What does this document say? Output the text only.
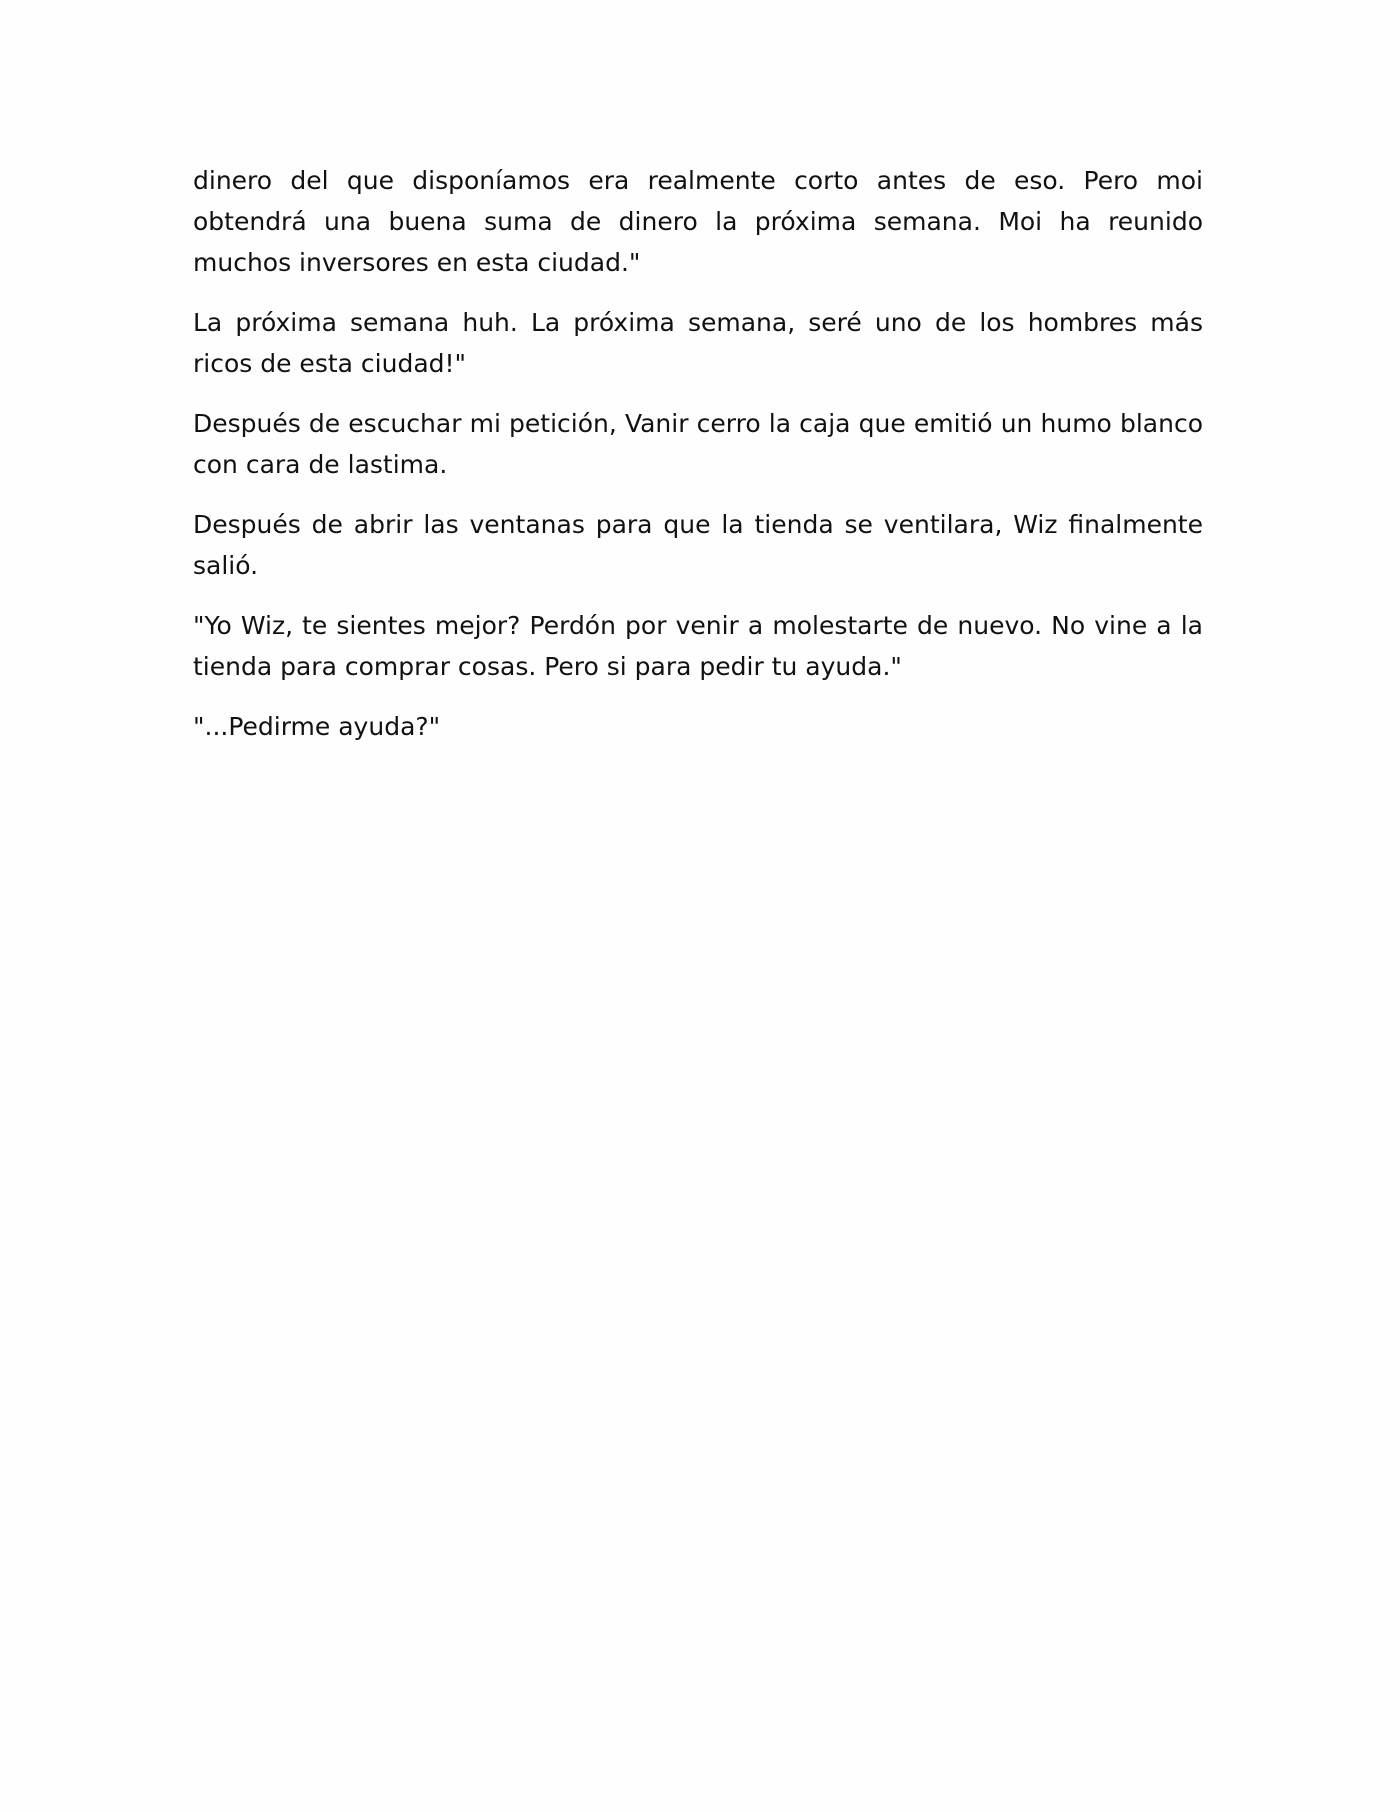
dinero del que disponíamos era realmente corto antes de eso. Pero moi obtendrá una buena suma de dinero la próxima semana. Moi ha reunido muchos inversores en esta ciudad."

La próxima semana huh. La próxima semana, seré uno de los hombres más ricos de esta ciudad!"

Después de escuchar mi petición, Vanir cerro la caja que emitió un humo blanco con cara de lastima.

Después de abrir las ventanas para que la tienda se ventilara, Wiz finalmente salió.

"Yo Wiz, te sientes mejor? Perdón por venir a molestarte de nuevo. No vine a la tienda para comprar cosas. Pero si para pedir tu ayuda."

"...Pedirme ayuda?"
